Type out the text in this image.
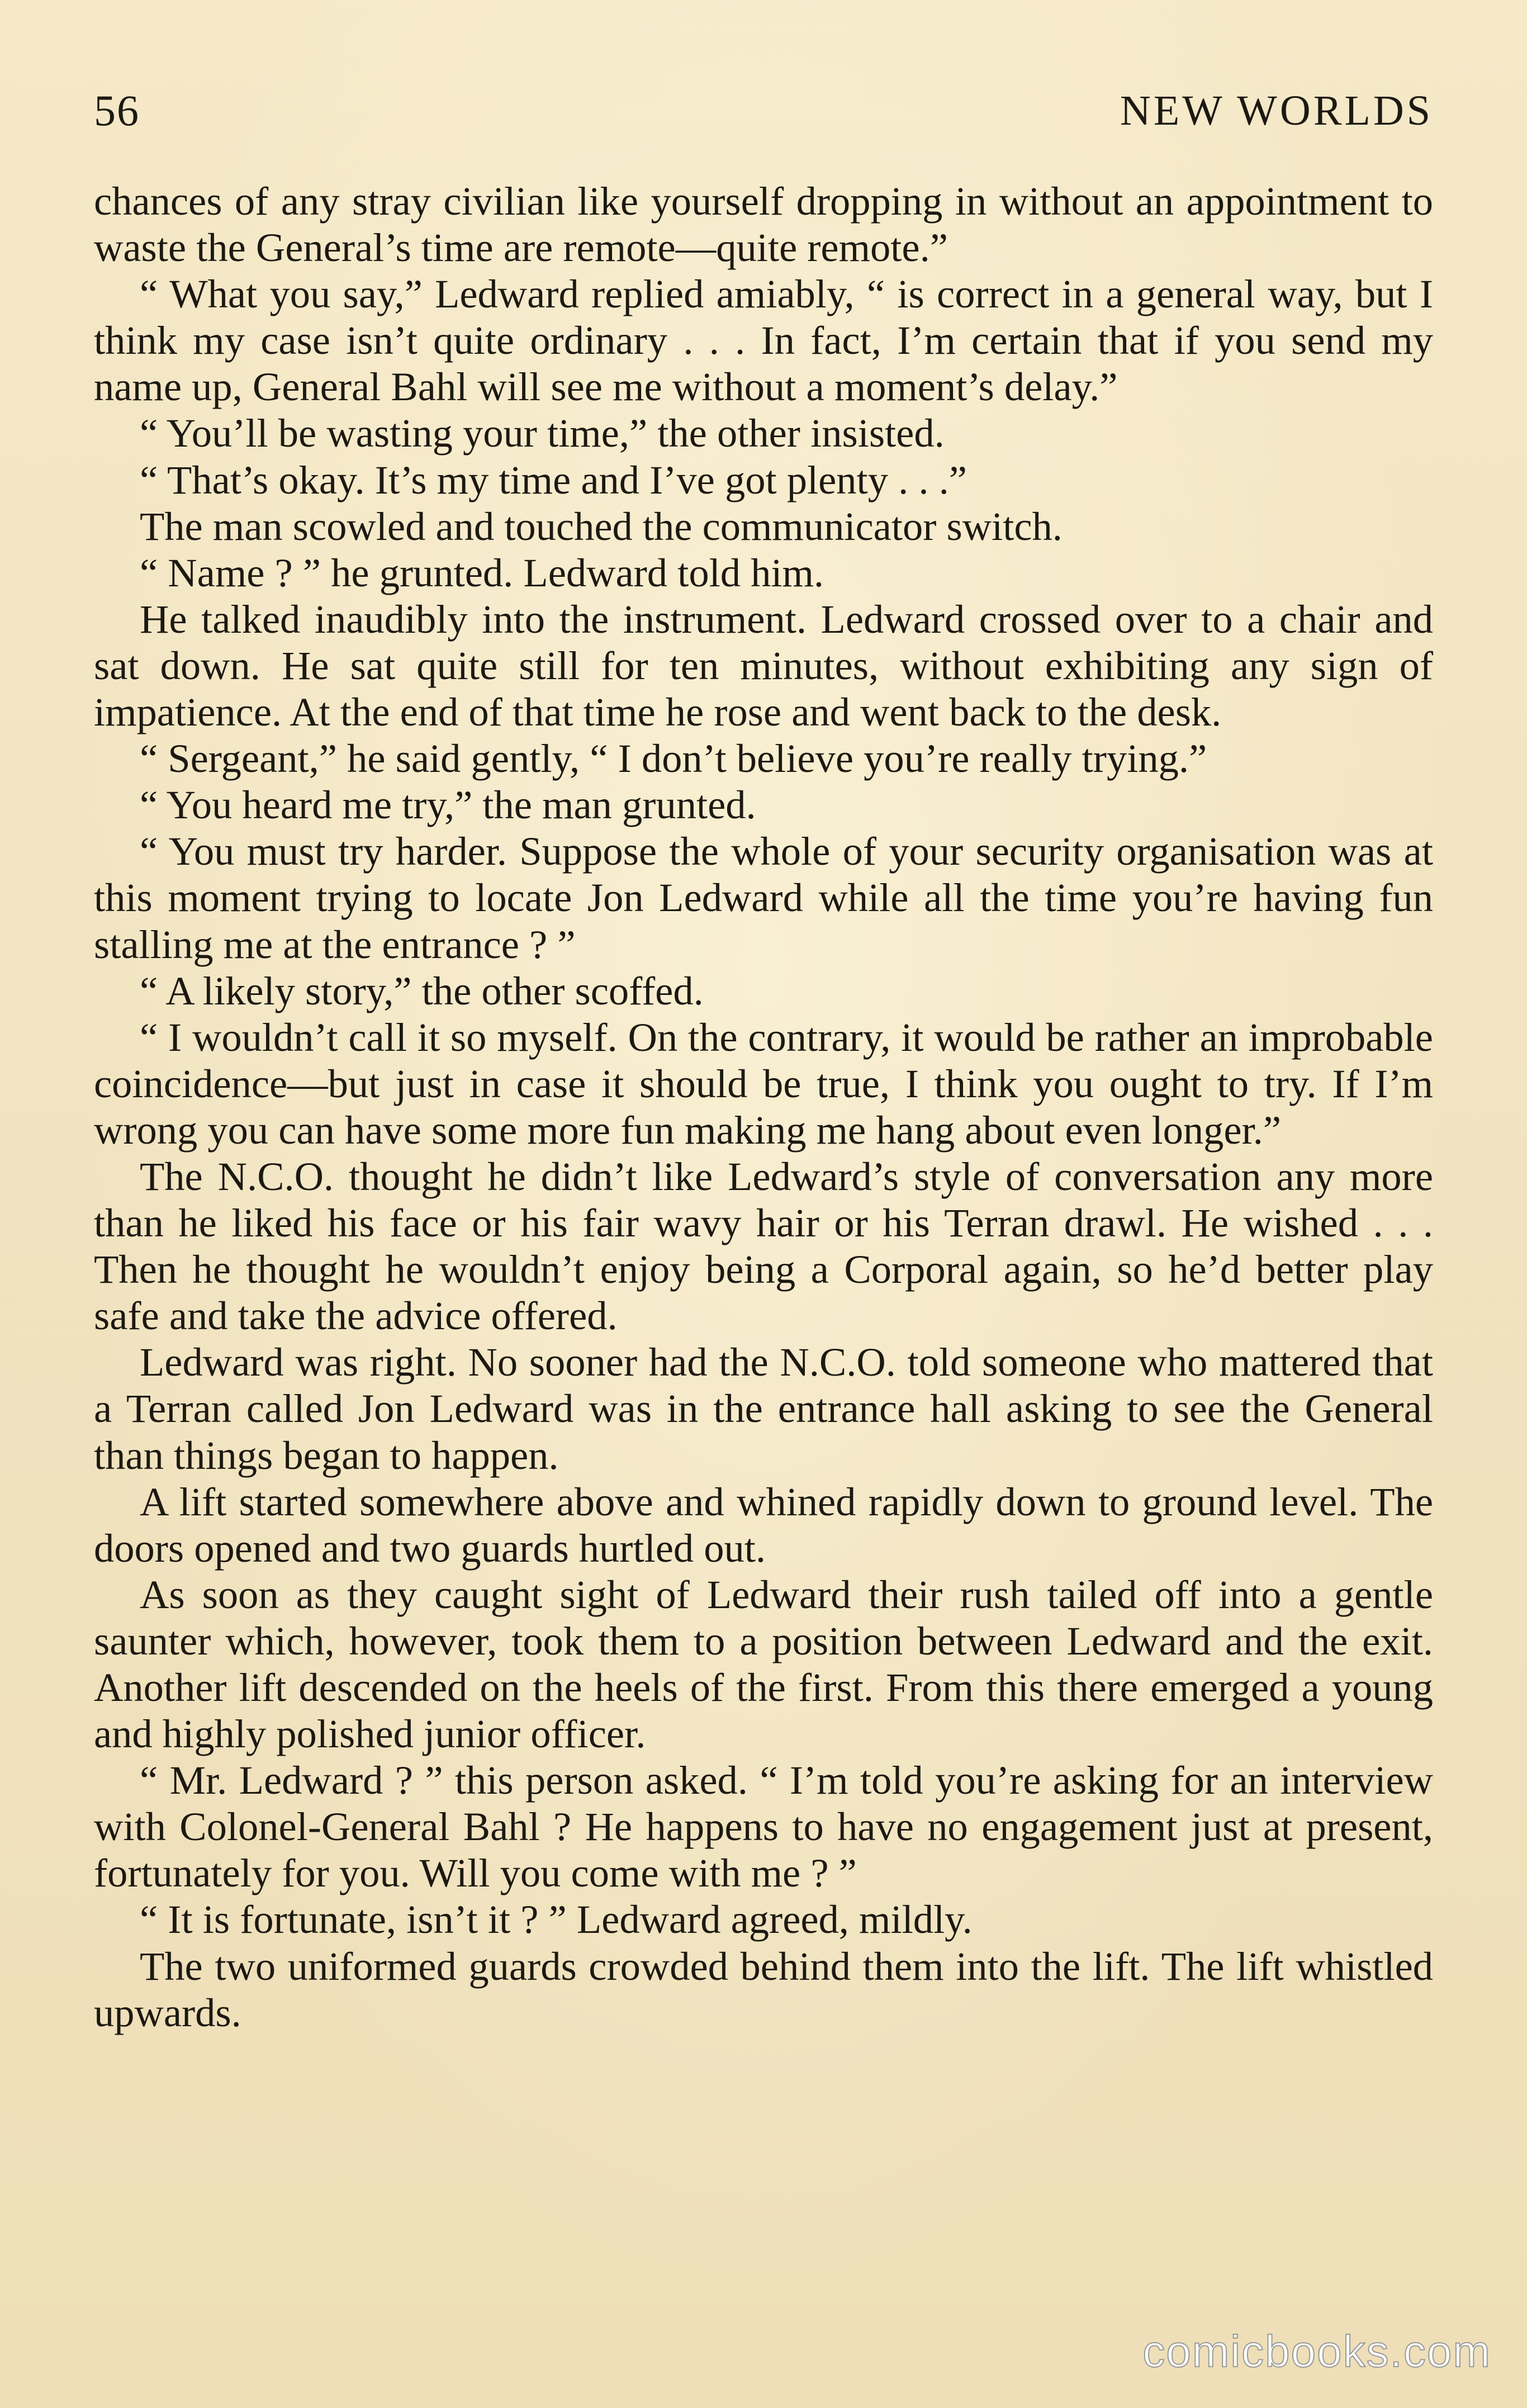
56	NEW WORLDS

chances of any stray civilian like yourself dropping in without an appointment to waste the General’s time are remote—quite remote.”

“ What you say,” Ledward replied amiably, “ is correct in a general way, but I think my case isn’t quite ordinary . . . In fact, I’m certain that if you send my name up, General Bahl will see me without a moment’s delay.”

“ You’ll be wasting your time,” the other insisted.

“ That’s okay. It’s my time and I’ve got plenty . . .”

The man scowled and touched the communicator switch.

“ Name ? ” he grunted. Ledward told him.

He talked inaudibly into the instrument. Ledward crossed over to a chair and sat down. He sat quite still for ten minutes, without exhibiting any sign of impatience. At the end of that time he rose and went back to the desk.

“ Sergeant,” he said gently, “ I don’t believe you’re really trying.”

“ You heard me try,” the man grunted.

“ You must try harder. Suppose the whole of your security organisation was at this moment trying to locate Jon Ledward while all the time you’re having fun stalling me at the entrance ? ”

“ A likely story,” the other scoffed.

“ I wouldn’t call it so myself. On the contrary, it would be rather an improbable coincidence—but just in case it should be true, I think you ought to try. If I’m wrong you can have some more fun making me hang about even longer.”

The N.C.O. thought he didn’t like Ledward’s style of conversation any more than he liked his face or his fair wavy hair or his Terran drawl. He wished . . . Then he thought he wouldn’t enjoy being a Corporal again, so he’d better play safe and take the advice offered.

Ledward was right. No sooner had the N.C.O. told someone who mattered that a Terran called Jon Ledward was in the entrance hall asking to see the General than things began to happen.

A lift started somewhere above and whined rapidly down to ground level. The doors opened and two guards hurtled out.

As soon as they caught sight of Ledward their rush tailed off into a gentle saunter which, however, took them to a position between Ledward and the exit. Another lift descended on the heels of the first. From this there emerged a young and highly polished junior officer.

“ Mr. Ledward ? ” this person asked. “ I’m told you’re asking for an interview with Colonel-General Bahl ? He happens to have no engagement just at present, fortunately for you. Will you come with me ? ”

“ It is fortunate, isn’t it ? ” Ledward agreed, mildly.

The two uniformed guards crowded behind them into the lift. The lift whistled upwards.

comicbooks.com
